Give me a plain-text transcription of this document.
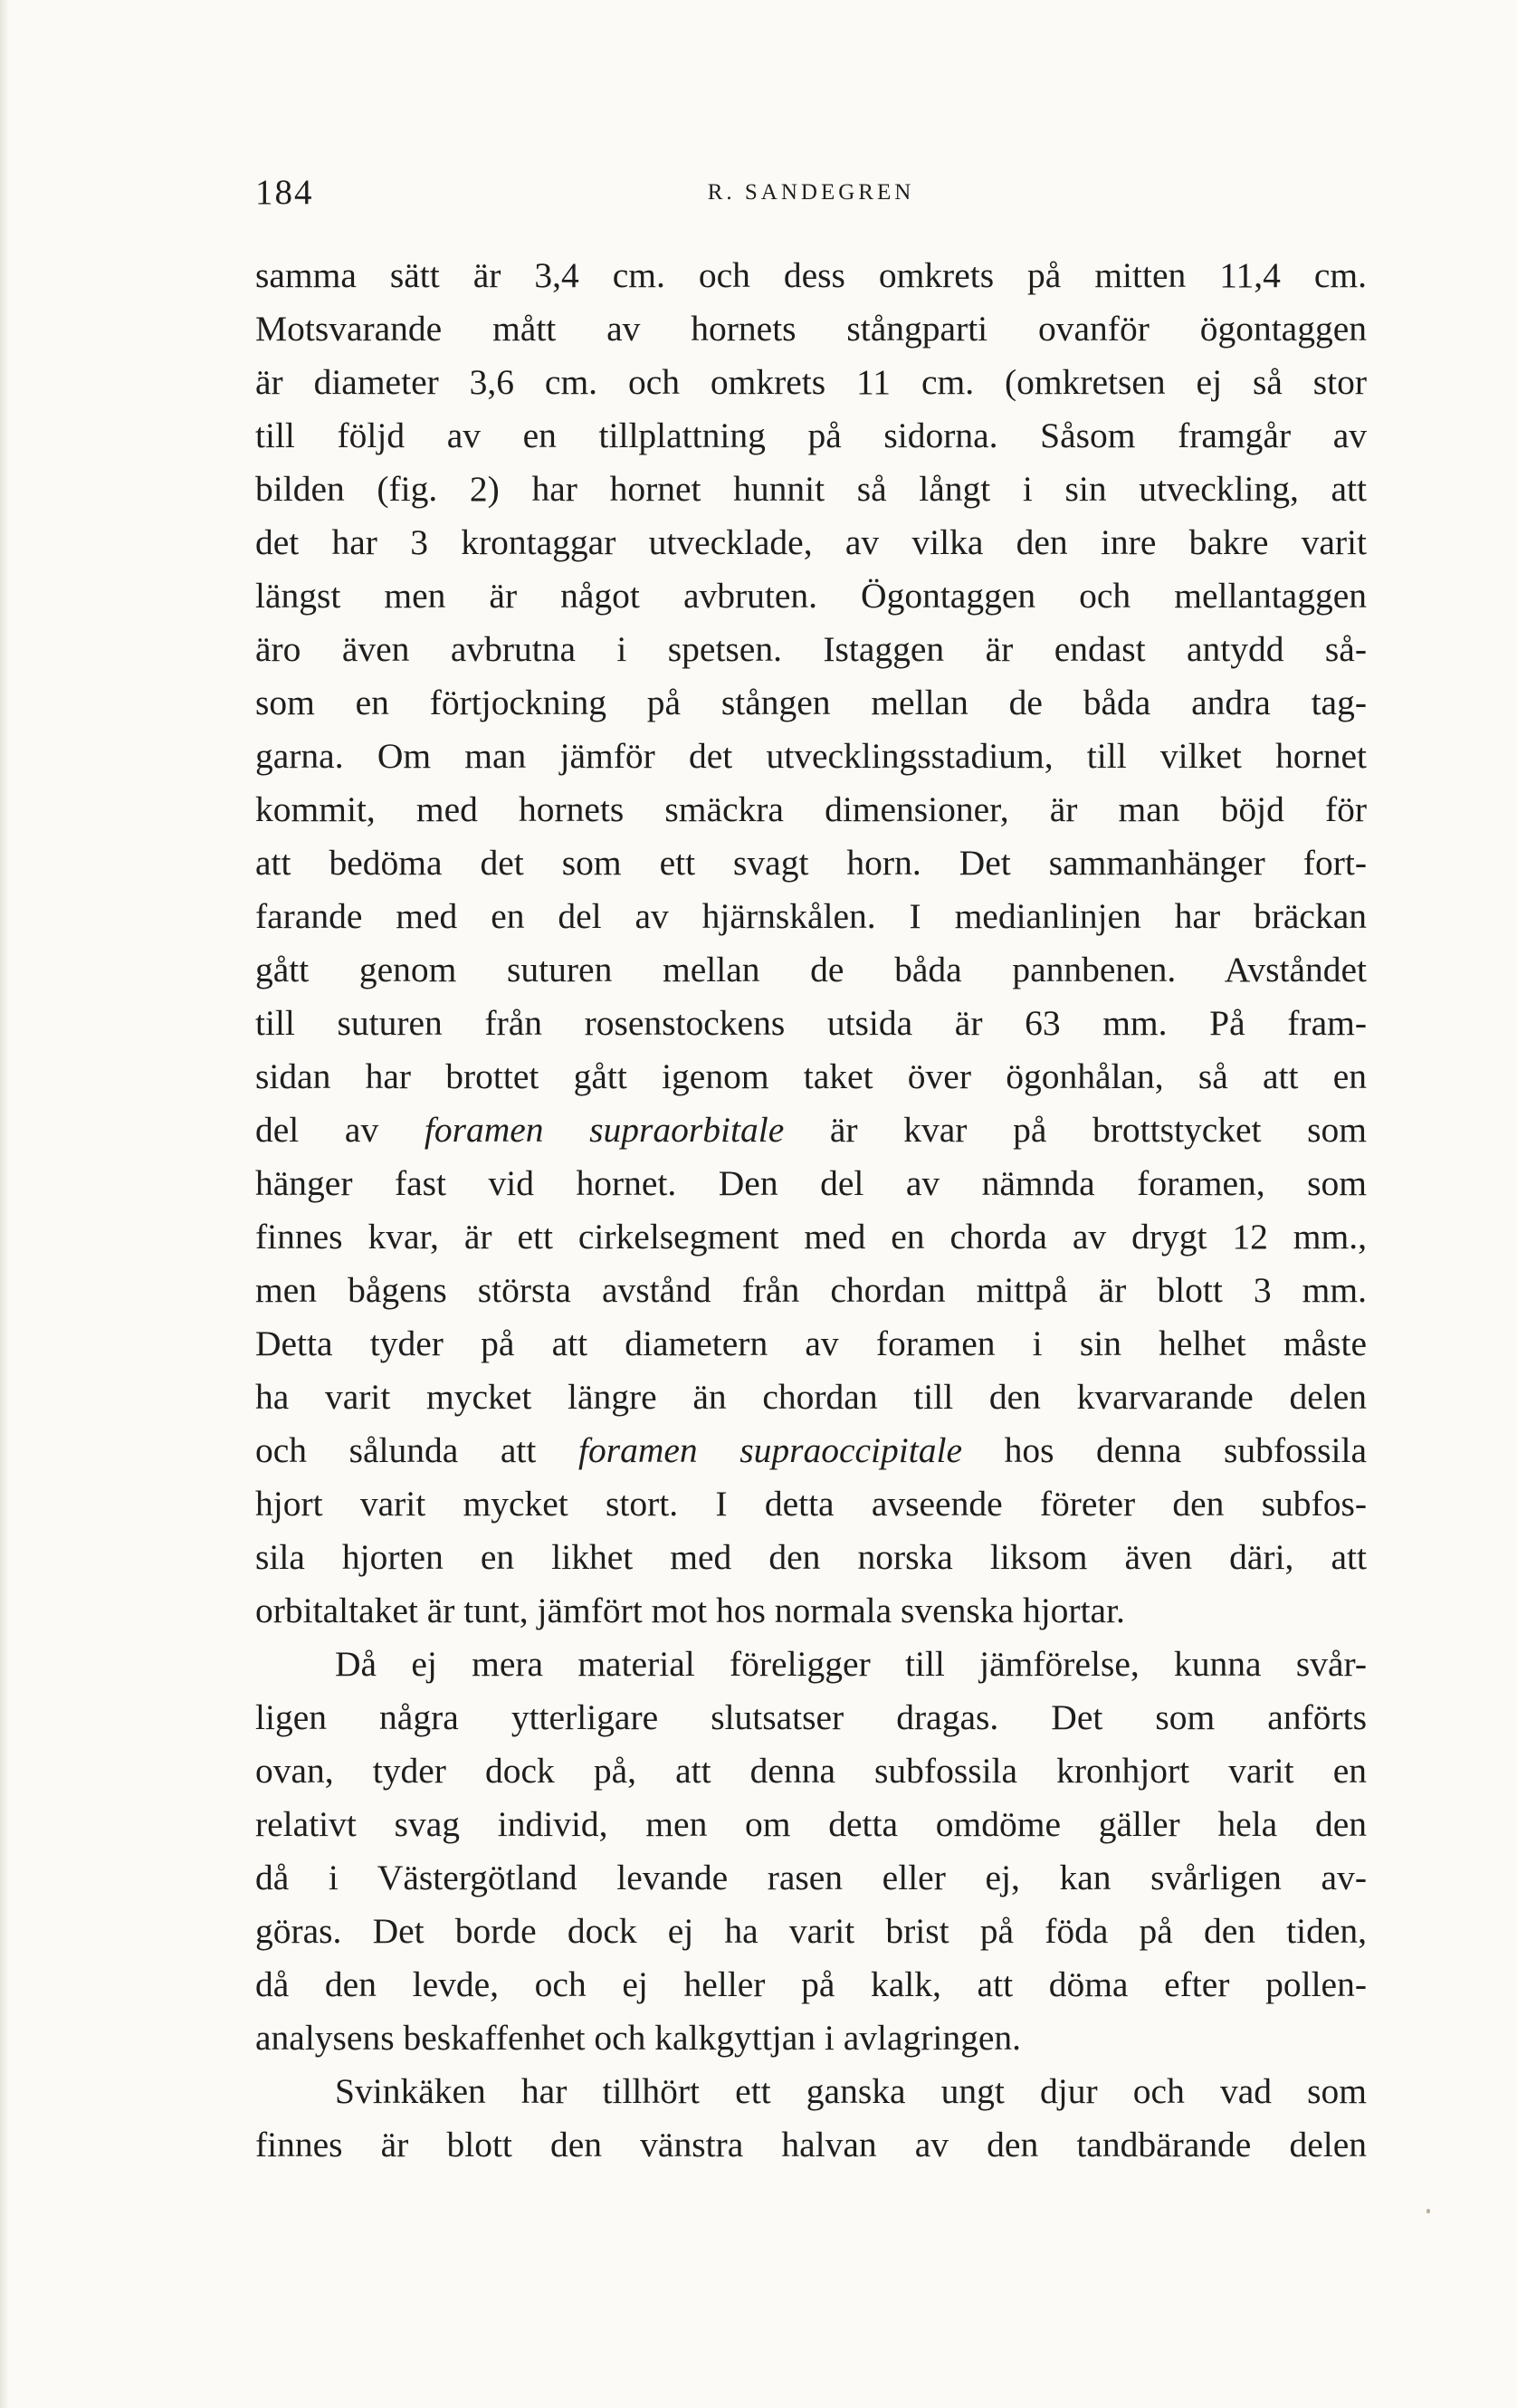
184	R. SANDEGREN
samma sätt är 3,4 cm. och dess omkrets på mitten 11,4 cm.
Motsvarande mått av hornets stångparti ovanför ögontaggen
är diameter 3,6 cm. och omkrets 11 cm. (omkretsen ej så stor
till följd av en tillplattning på sidorna. Såsom framgår av
bilden (fig. 2) har hornet hunnit så långt i sin utveckling, att
det har 3 krontaggar utvecklade, av vilka den inre bakre varit
längst men är något avbruten. Ögontaggen och mellantaggen
äro även avbrutna i spetsen. Istaggen är endast antydd så-
som en förtjockning på stången mellan de båda andra tag-
garna. Om man jämför det utvecklingsstadium, till vilket hornet
kommit, med hornets smäckra dimensioner, är man böjd för
att bedöma det som ett svagt horn. Det sammanhänger fort-
farande med en del av hjärnskålen. I medianlinjen har bräckan
gått genom suturen mellan de båda pannbenen. Avståndet
till suturen från rosenstockens utsida är 63 mm. På fram-
sidan har brottet gått igenom taket över ögonhålan, så att en
del av foramen supraorbitale är kvar på brottstycket som
hänger fast vid hornet. Den del av nämnda foramen, som
finnes kvar, är ett cirkelsegment med en chorda av drygt 12 mm.,
men bågens största avstånd från chordan mittpå är blott 3 mm.
Detta tyder på att diametern av foramen i sin helhet måste
ha varit mycket längre än chordan till den kvarvarande delen
och sålunda att foramen supraoccipitale hos denna subfossila
hjort varit mycket stort. I detta avseende företer den subfos-
sila hjorten en likhet med den norska liksom även däri, att
orbitaltaket är tunt, jämfört mot hos normala svenska hjortar.
Då ej mera material föreligger till jämförelse, kunna svår-
ligen några ytterligare slutsatser dragas. Det som anförts
ovan, tyder dock på, att denna subfossila kronhjort varit en
relativt svag individ, men om detta omdöme gäller hela den
då i Västergötland levande rasen eller ej, kan svårligen av-
göras. Det borde dock ej ha varit brist på föda på den tiden,
då den levde, och ej heller på kalk, att döma efter pollen-
analysens beskaffenhet och kalkgyttjan i avlagringen.
Svinkäken har tillhört ett ganska ungt djur och vad som
finnes är blott den vänstra halvan av den tandbärande delen
